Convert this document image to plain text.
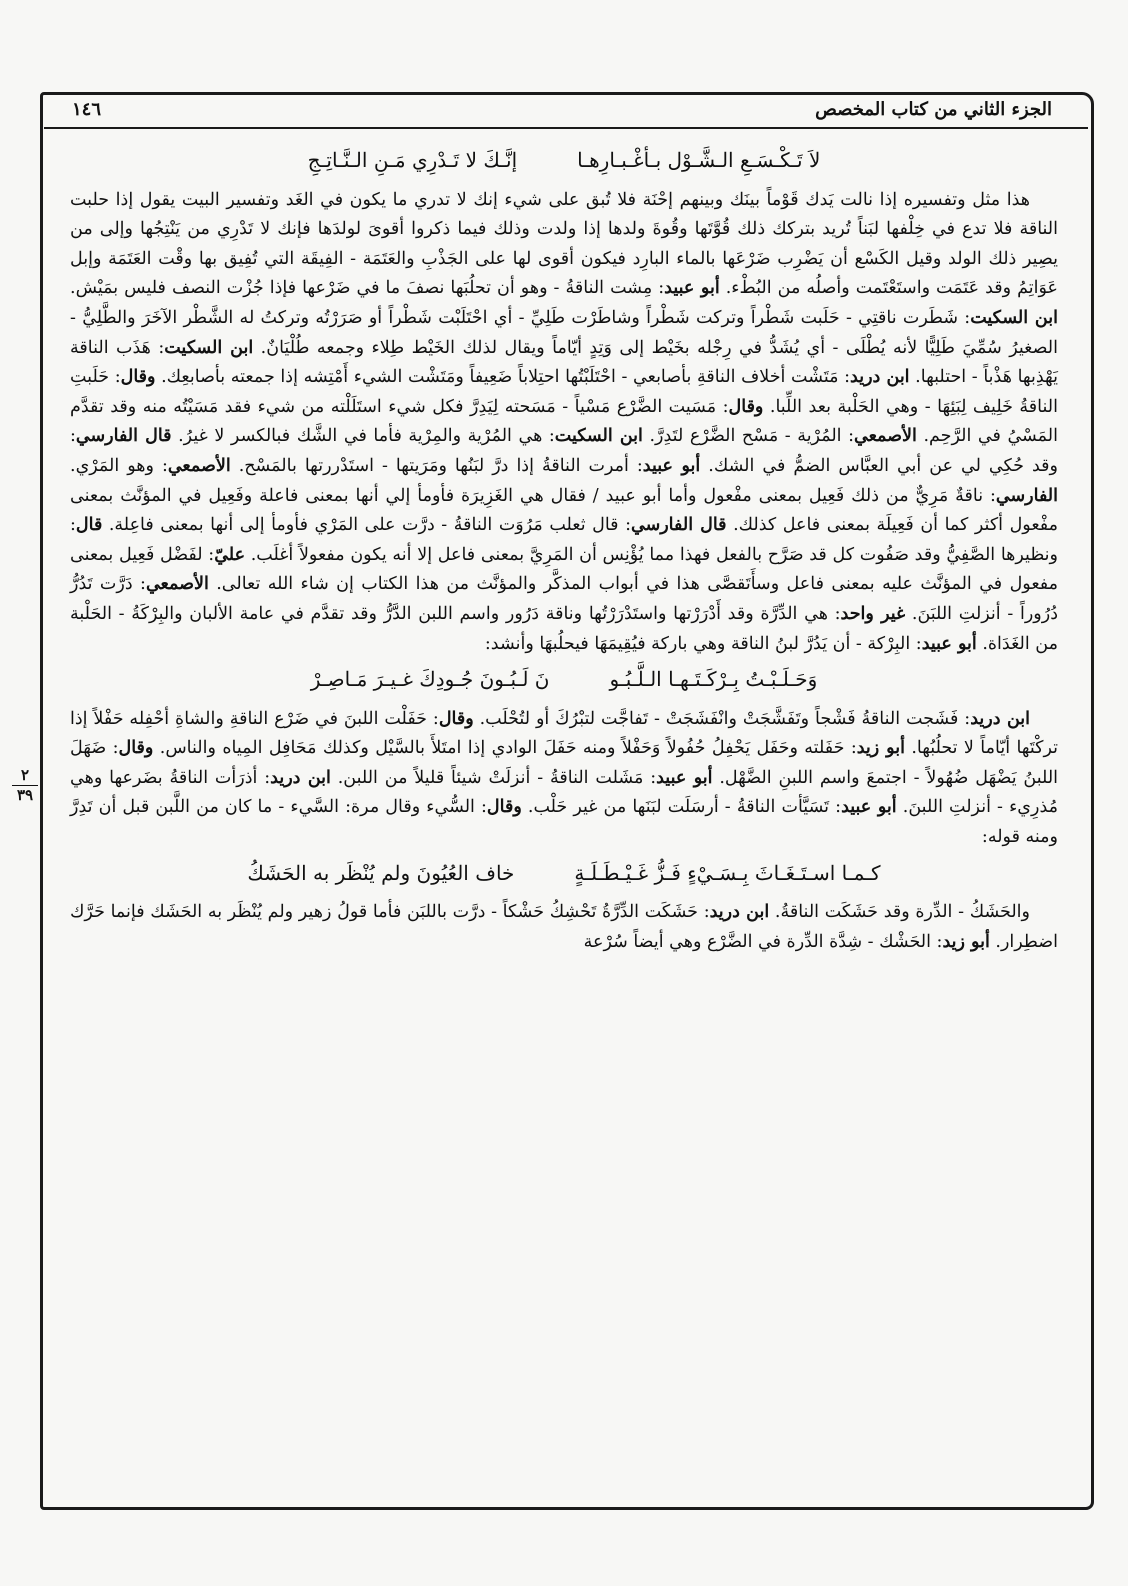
الجزء الثاني من كتاب المخصص
١٤٦
٢
٣٩
لاَ تَـكْـسَـعِ الـشَّـوْل بـأغْـبـارِهـا
إنَّـكَ لا تَـدْرِي مَـنِ الـنَّـاتِـجِ

هذا مثل وتفسيره إذا نالت يَدك قَوْماً بينَك وبينهم إحْنَة فلا تُبق على شيء إنك لا تدري ما يكون في الغَد وتفسير البيت يقول إذا حلبت الناقة فلا تدع في خِلْفها لبَناً تُريد بتركك ذلك قُوَّتَها وقُوةَ ولدها إذا ولدت وذلك فيما ذكروا أقوىَ لولدَها فإنك لا تَدْرِي من يَنْتِجُها وإلى من يصِير ذلك الولد وقيل الكَسْع أن يَضْرِب ضَرْعَها بالماء البارِد فيكون أقوى لها على الجَذْبِ والعَتَمَة - الفِيقَة التي تُفِيق بها وقْت العَتَمَة وإبل عَوَاتِمُ وقد عَتَمَت واستَعْتَمت وأصلُه من البُطْء. أبو عبيد: مِشت الناقةُ - وهو أن تحلُبَها نصفَ ما في ضَرْعها فإذا جُزْت النصف فليس بمَيْش. ابن السكيت: شَطَرت ناقتِي - حَلَبت شَطْراً وتركت شَطْراً وشاطَرْت طَلِيِّ - أي احْتَلَبْت شَطْراً أو صَرَرْتُه وتركتُ له الشَّطْر الآخَرَ والطَّلِيُّ - الصغيرُ سُمِّيَ طَلِيًّا لأنه يُطْلَى - أي يُشَدُّ في رِجْله بخَيْط إلى وَتِدٍ أيّاماً ويقال لذلك الخَيْط طِلاء وجمعه طُلْيَانٌ. ابن السكيت: هَذَب الناقة يَهْذِبها هَذْباً - احتلبها. ابن دريد: مَتَشْت أخلاف الناقةِ بأصابعي - احْتَلَبْتُها احتِلاباً ضَعِيفاً ومَتَشْت الشيء أَمْتِشه إذا جمعته بأصابعِك. وقال: حَلَبتِ الناقةُ خَلِيف لِبَئِهَا - وهي الحَلْبة بعد اللِّبا. وقال: مَسَيت الضَّرْع مَسْياً - مَسَحته لِيَدِرَّ فكل شيء استَلَلْته من شيء فقد مَسَيْتُه منه وقد تقدَّم المَسْيُ في الرَّحِم. الأصمعي: المُرْية - مَسْح الضَّرْع لتَدِرَّ. ابن السكيت: هي المُرْية والمِرْية فأما في الشَّك فبالكسر لا غيرُ. قال الفارسي: وقد حُكِي لي عن أبي العبَّاس الضمُّ في الشك. أبو عبيد: أمرت الناقةُ إذا درَّ لبَنُها ومَرَيتها - استَدْررتها بالمَسْح. الأصمعي: وهو المَرْي. الفارسي: ناقةٌ مَرِيٌّ من ذلك فَعِيل بمعنى مفْعول وأما أبو عبيد / فقال هي الغَزِيرَة فأومأ إلي أنها بمعنى فاعلة وفَعِيل في المؤنَّث بمعنى مفْعول أكثر كما أن فَعِيلَة بمعنى فاعل كذلك. قال الفارسي: قال ثعلب مَرُوَت الناقةُ - درَّت على المَرْي فأومأ إلى أنها بمعنى فاعِلة. قال: ونظيرها الصَّفِيُّ وقد صَفُوت كل قد صَرَّح بالفعل فهذا مما يُؤْنِس أن المَرِيَّ بمعنى فاعل إلا أنه يكون مفعولاً أغلَب. عليّ: لفَضْل فَعِيل بمعنى مفعول في المؤنَّث عليه بمعنى فاعل وسأَتَقصَّى هذا في أبواب المذكَّر والمؤنَّث من هذا الكتاب إن شاء الله تعالى. الأصمعي: دَرَّت تَدُرُّ دُرُوراً - أنزلتِ اللبَنَ. غير واحد: هي الدِّرَّة وقد أَدْرَرْتها واستَدْرَرْتُها وناقة دَرُور واسم اللبن الدَّرُّ وقد تقدَّم في عامة الألبان والبِرْكَةُ - الحَلْبة من الغَدَاة. أبو عبيد: البِرْكة - أن يَدُرَّ لبنُ الناقة وهي باركة فيُقِيمَهَا فيحلُبهَا وأنشد:

وَحَـلَـبْـتُ بِـرْكَـتَـهـا الـلَّـبُـو
نَ لَـبُـونَ جُـودِكَ غـيـرَ مَـاصِـرْ

ابن دريد: فَشَجت الناقةُ فَشْجاً وتَفَشَّجَتْ وانْفَشَجَتْ - تَفاجَّت لتبْرُكَ أو لتُحْلَب. وقال: حَفَلْت اللبنَ في ضَرْع الناقةِ والشاةِ أحْفِله حَفْلاً إذا تركْتَها أيّاماً لا تحلُبُها. أبو زيد: حَفَلته وحَفَل يَحْفِلُ حُفُولاً وَحَفْلاً ومنه حَفَلَ الوادي إذا امتَلأَ بالسَّيْل وكذلك مَحَافِل المِياه والناس. وقال: ضَهَلَ اللبنُ يَضْهَل ضُهُولاً - اجتمعَ واسم اللبنِ الضَّهْل. أبو عبيد: مَشَلت الناقةُ - أنزلَتْ شيئاً قليلاً من اللبن. ابن دريد: أذرَأت الناقةُ بضَرعها وهي مُذرِيء - أنزلتِ اللبنَ. أبو عبيد: تَسَيَّأت الناقةُ - أرسَلَت لبَنَها من غير حَلْب. وقال: السُّيء وقال مرة: السَّيء - ما كان من اللَّبن قبل أن تَدِرَّ ومنه قوله:

كـمـا اسـتَـغَـاثَ بِـسَـيْءٍ فَـزُّ غَـيْـطَـلَـةٍ
خاف العُيُونَ ولم يُنْظَر به الحَشَكُ

والحَشَكُ - الدِّرة وقد حَشَكَت الناقةُ. ابن دريد: حَشَكَت الدِّرَّةُ تَحْشِكُ حَشْكاً - درَّت باللبَن فأما قولُ زهير ولم يُنْظَر به الحَشَك فإنما حَرَّك اضطِرار. أبو زيد: الحَشْك - شِدَّة الدِّرة في الضَّرْع وهي أيضاً سُرْعة
